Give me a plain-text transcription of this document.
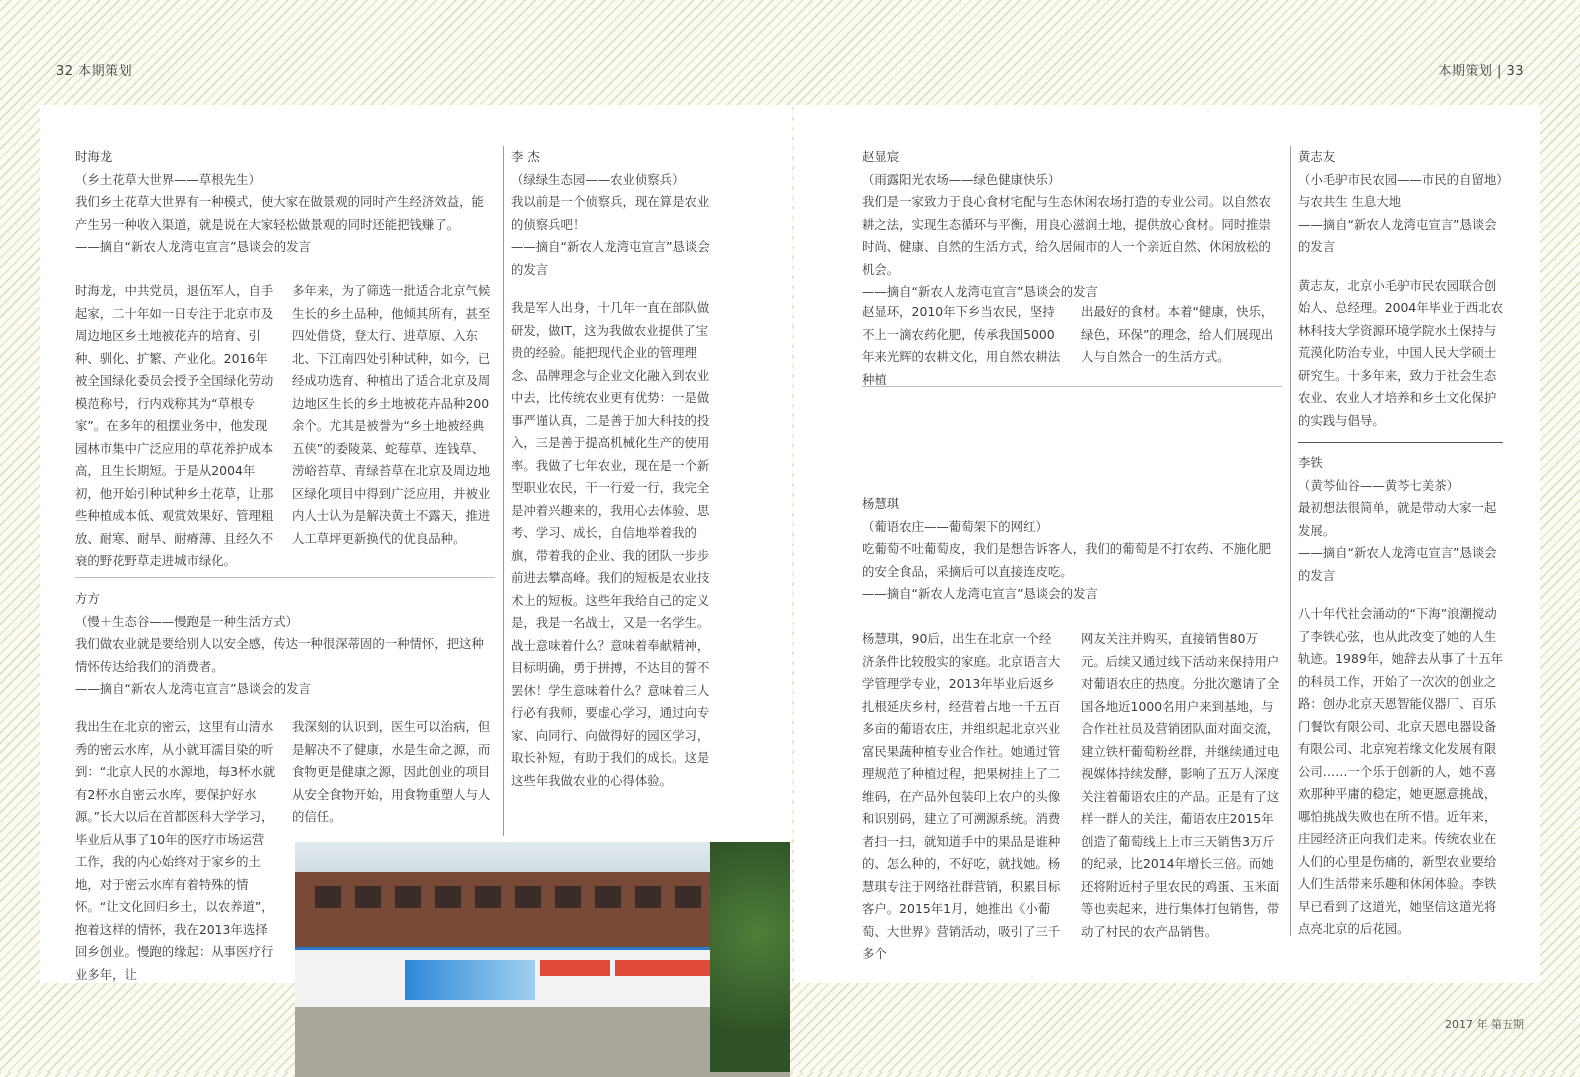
32 本期策划	本期策划 | 33

时海龙

（乡土花草大世界——草根先生）

我们乡土花草大世界有一种模式，使大家在做景观的同时产生经济效益，能产生另一种收入渠道，就是说在大家轻松做景观的同时还能把钱赚了。

——摘自“新农人龙湾屯宣言”恳谈会的发言

时海龙，中共党员，退伍军人，自手起家，二十年如一日专注于北京市及周边地区乡土地被花卉的培育、引种、驯化、扩繁、产业化。2016年被全国绿化委员会授予全国绿化劳动模范称号，行内戏称其为“草根专家”。在多年的租摆业务中，他发现园林市集中广泛应用的草花养护成本高，且生长期短。于是从2004年初，他开始引种试种乡土花草，让那些种植成本低、观赏效果好、管理粗放、耐寒、耐旱、耐瘠薄、且经久不衰的野花野草走进城市绿化。
多年来，为了筛选一批适合北京气候生长的乡土品种，他倾其所有，甚至四处借贷，登太行、进草原、入东北、下江南四处引种试种，如今，已经成功选育、种植出了适合北京及周边地区生长的乡土地被花卉品种200余个。尤其是被誉为“乡土地被经典五侠”的委陵菜、蛇莓草、连钱草、涝峪苔草、青绿苔草在北京及周边地区绿化项目中得到广泛应用，并被业内人士认为是解决黄土不露天，推进人工草坪更新换代的优良品种。

方方

（慢＋生态谷——慢跑是一种生活方式）

我们做农业就是要给别人以安全感，传达一种很深蒂固的一种情怀，把这种情怀传达给我们的消费者。

——摘自“新农人龙湾屯宣言”恳谈会的发言

我出生在北京的密云，这里有山清水秀的密云水库，从小就耳濡目染的听到：“北京人民的水源地，每3杯水就有2杯水自密云水库，要保护好水源。”长大以后在首都医科大学学习，毕业后从事了10年的医疗市场运营工作，我的内心始终对于家乡的土地，对于密云水库有着特殊的情怀。“让文化回归乡土，以农养道”，抱着这样的情怀，我在2013年选择回乡创业。慢跑的缘起：从事医疗行业多年，让
我深刻的认识到，医生可以治病，但是解决不了健康，水是生命之源，而食物更是健康之源，因此创业的项目从安全食物开始，用食物重塑人与人的信任。

李 杰

（绿绿生态园——农业侦察兵）

我以前是一个侦察兵，现在算是农业的侦察兵吧！

——摘自“新农人龙湾屯宣言”恳谈会的发言

我是军人出身，十几年一直在部队做研发，做IT，这为我做农业提供了宝贵的经验。能把现代企业的管理理念、品牌理念与企业文化融入到农业中去，比传统农业更有优势：一是做事严谨认真，二是善于加大科技的投入，三是善于提高机械化生产的使用率。我做了七年农业，现在是一个新型职业农民，干一行爱一行，我完全是冲着兴趣来的，我用心去体验、思考、学习、成长，自信地举着我的旗，带着我的企业、我的团队一步步前进去攀高峰。我们的短板是农业技术上的短板。这些年我给自己的定义是，我是一名战士，又是一名学生。战士意味着什么？意味着奉献精神，目标明确，勇于拼搏，不达目的誓不罢休！学生意味着什么？意味着三人行必有我师，要虚心学习，通过向专家、向同行、向做得好的园区学习，取长补短，有助于我们的成长。这是这些年我做农业的心得体验。

赵显宸

（雨露阳光农场——绿色健康快乐）

我们是一家致力于良心食材宅配与生态休闲农场打造的专业公司。以自然农耕之法，实现生态循环与平衡，用良心滋润土地，提供放心食材。同时推崇时尚、健康、自然的生活方式，给久居闹市的人一个亲近自然、休闲放松的机会。

——摘自“新农人龙湾屯宣言”恳谈会的发言

赵显环，2010年下乡当农民，坚持不上一滴农药化肥，传承我国5000年来光辉的农耕文化，用自然农耕法种植
出最好的食材。本着“健康，快乐，绿色，环保”的理念，给人们展现出人与自然合一的生活方式。

杨慧琪

（葡语农庄——葡萄架下的网红）

吃葡萄不吐葡萄皮，我们是想告诉客人，我们的葡萄是不打农药、不施化肥的安全食品，采摘后可以直接连皮吃。

——摘自“新农人龙湾屯宣言”恳谈会的发言

杨慧琪，90后，出生在北京一个经济条件比较殷实的家庭。北京语言大学管理学专业，2013年毕业后返乡扎根延庆乡村，经营着占地一千五百多亩的葡语农庄，并组织起北京兴业富民果蔬种植专业合作社。她通过管理规范了种植过程，把果树挂上了二维码，在产品外包装印上农户的头像和识别码，建立了可溯源系统。消费者扫一扫，就知道手中的果品是谁种的、怎么种的，不好吃，就找她。杨慧琪专注于网络社群营销，积累目标客户。2015年1月，她推出《小葡萄、大世界》营销活动，吸引了三千多个
网友关注并购买，直接销售80万元。后续又通过线下活动来保持用户对葡语农庄的热度。分批次邀请了全国各地近1000名用户来到基地，与合作社社员及营销团队面对面交流，建立铁杆葡萄粉丝群，并继续通过电视媒体持续发酵，影响了五万人深度关注着葡语农庄的产品。正是有了这样一群人的关注，葡语农庄2015年创造了葡萄线上上市三天销售3万斤的纪录，比2014年增长三倍。而她还将附近村子里农民的鸡蛋、玉米面等也卖起来，进行集体打包销售，带动了村民的农产品销售。

黄志友

（小毛驴市民农园——市民的自留地）

与农共生 生息大地

——摘自“新农人龙湾屯宣言”恳谈会的发言

黄志友，北京小毛驴市民农园联合创始人、总经理。2004年毕业于西北农林科技大学资源环境学院水土保持与荒漠化防治专业，中国人民大学硕士研究生。十多年来，致力于社会生态农业、农业人才培养和乡土文化保护的实践与倡导。

李铁

（黄芩仙谷——黄芩七美茶）

最初想法很简单，就是带动大家一起发展。

——摘自“新农人龙湾屯宣言”恳谈会的发言

八十年代社会涌动的“下海”浪潮搅动了李铁心弦，也从此改变了她的人生轨迹。1989年，她辞去从事了十五年的科员工作，开始了一次次的创业之路：创办北京天恩智能仪器厂、百乐门餐饮有限公司、北京天恩电器设备有限公司、北京宛若缘文化发展有限公司……一个乐于创新的人，她不喜欢那种平庸的稳定，她更愿意挑战，哪怕挑战失败也在所不惜。近年来，庄园经济正向我们走来。传统农业在人们的心里是伤痛的，新型农业要给人们生活带来乐趣和休闲体验。李铁早已看到了这道光，她坚信这道光将点亮北京的后花园。

2017 年 第五期
